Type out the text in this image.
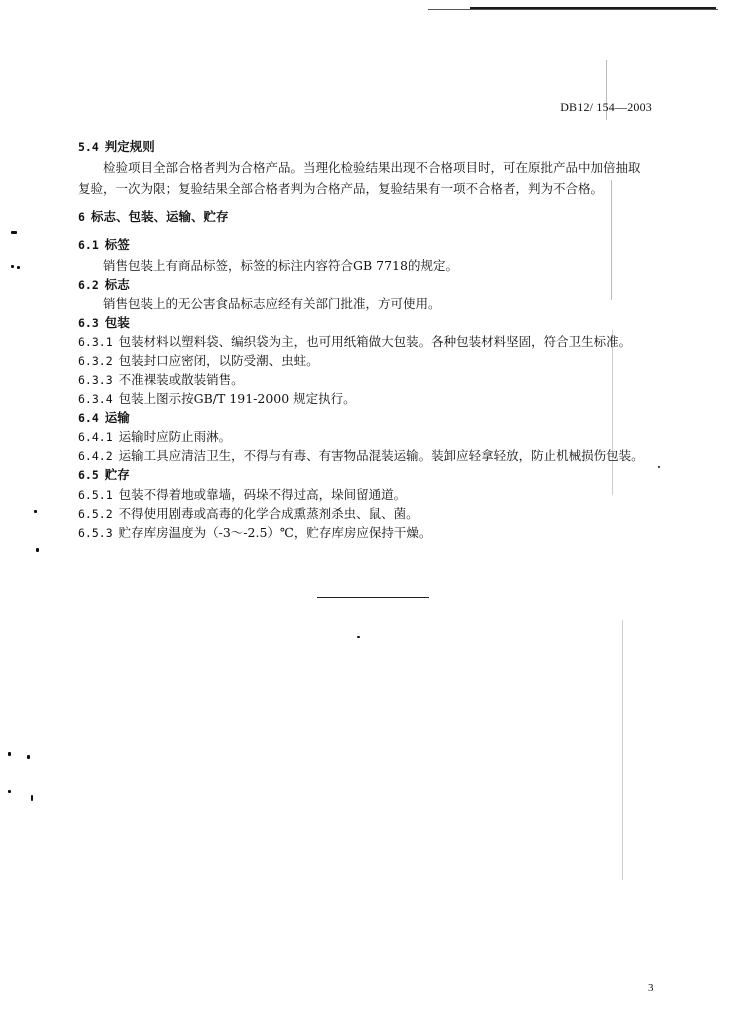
DB12/ 154—2003
5.4 判定规则
检验项目全部合格者判为合格产品。当理化检验结果出现不合格项目时，可在原批产品中加倍抽取
复验，一次为限；复验结果全部合格者判为合格产品，复验结果有一项不合格者，判为不合格。
6 标志、包装、运输、贮存
6.1 标签
销售包装上有商品标签，标签的标注内容符合GB 7718的规定。
6.2 标志
销售包装上的无公害食品标志应经有关部门批准，方可使用。
6.3 包装
6.3.1 包装材料以塑料袋、编织袋为主，也可用纸箱做大包装。各种包装材料坚固，符合卫生标准。
6.3.2 包装封口应密闭，以防受潮、虫蛀。
6.3.3 不准裸装或散装销售。
6.3.4 包装上图示按GB/T 191-2000 规定执行。
6.4 运输
6.4.1 运输时应防止雨淋。
6.4.2 运输工具应清洁卫生，不得与有毒、有害物品混装运输。装卸应轻拿轻放，防止机械损伤包装。
6.5 贮存
6.5.1 包装不得着地或靠墙，码垛不得过高，垛间留通道。
6.5.2 不得使用剧毒或高毒的化学合成熏蒸剂杀虫、鼠、菌。
6.5.3 贮存库房温度为（-3～-2.5）℃，贮存库房应保持干燥。
3
